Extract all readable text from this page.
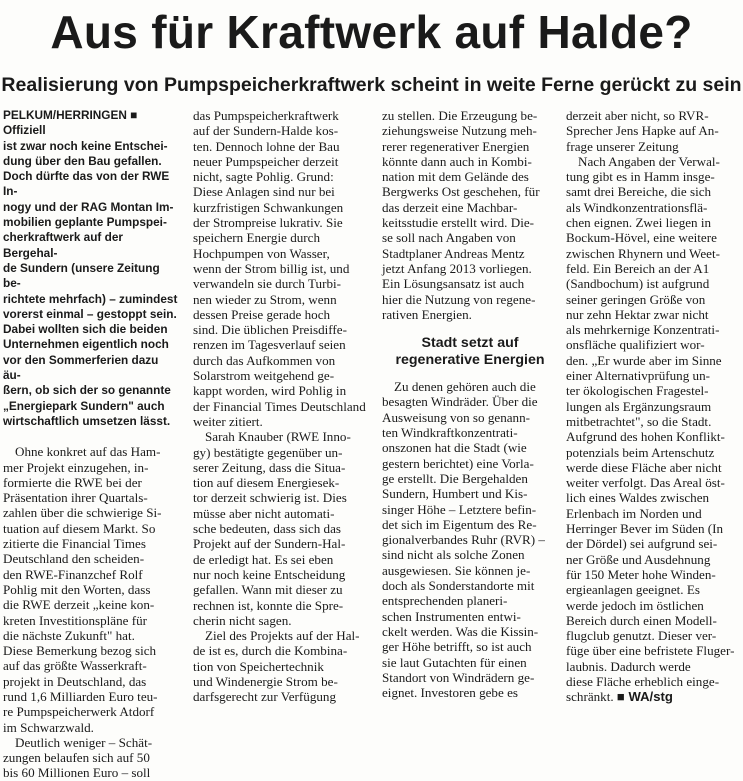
Aus für Kraftwerk auf Halde?
Realisierung von Pumpspeicherkraftwerk scheint in weite Ferne gerückt zu sein

PELKUM/HERRINGEN ■ Offiziell
ist zwar noch keine Entschei-
dung über den Bau gefallen.
Doch dürfte das von der RWE In-
nogy und der RAG Montan Im-
mobilien geplante Pumpspei-
cherkraftwerk auf der Bergehal-
de Sundern (unsere Zeitung be-
richtete mehrfach) – zumindest
vorerst einmal – gestoppt sein.
Dabei wollten sich die beiden
Unternehmen eigentlich noch
vor den Sommerferien dazu äu-
ßern, ob sich der so genannte
„Energiepark Sundern" auch
wirtschaftlich umsetzen lässt.

Ohne konkret auf das Ham-
mer Projekt einzugehen, in-
formierte die RWE bei der
Präsentation ihrer Quartals-
zahlen über die schwierige Si-
tuation auf diesem Markt. So
zitierte die Financial Times
Deutschland den scheiden-
den RWE-Finanzchef Rolf
Pohlig mit den Worten, dass
die RWE derzeit „keine kon-
kreten Investitionspläne für
die nächste Zukunft" hat.
Diese Bemerkung bezog sich
auf das größte Wasserkraft-
projekt in Deutschland, das
rund 1,6 Milliarden Euro teu-
re Pumpspeicherwerk Atdorf
im Schwarzwald.

Deutlich weniger – Schät-
zungen belaufen sich auf 50
bis 60 Millionen Euro – soll

das Pumpspeicherkraftwerk
auf der Sundern-Halde kos-
ten. Dennoch lohne der Bau
neuer Pumpspeicher derzeit
nicht, sagte Pohlig. Grund:
Diese Anlagen sind nur bei
kurzfristigen Schwankungen
der Strompreise lukrativ. Sie
speichern Energie durch
Hochpumpen von Wasser,
wenn der Strom billig ist, und
verwandeln sie durch Turbi-
nen wieder zu Strom, wenn
dessen Preise gerade hoch
sind. Die üblichen Preisdiffe-
renzen im Tagesverlauf seien
durch das Aufkommen von
Solarstrom weitgehend ge-
kappt worden, wird Pohlig in
der Financial Times Deutschland
weiter zitiert.

Sarah Knauber (RWE Inno-
gy) bestätigte gegenüber un-
serer Zeitung, dass die Situa-
tion auf diesem Energiesek-
tor derzeit schwierig ist. Dies
müsse aber nicht automati-
sche bedeuten, dass sich das
Projekt auf der Sundern-Hal-
de erledigt hat. Es sei eben
nur noch keine Entscheidung
gefallen. Wann mit dieser zu
rechnen ist, konnte die Spre-
cherin nicht sagen.

Ziel des Projekts auf der Hal-
de ist es, durch die Kombina-
tion von Speichertechnik
und Windenergie Strom be-
darfsgerecht zur Verfügung

zu stellen. Die Erzeugung be-
ziehungsweise Nutzung meh-
rerer regenerativer Energien
könnte dann auch in Kombi-
nation mit dem Gelände des
Bergwerks Ost geschehen, für
das derzeit eine Machbar-
keitsstudie erstellt wird. Die-
se soll nach Angaben von
Stadtplaner Andreas Mentz
jetzt Anfang 2013 vorliegen.
Ein Lösungsansatz ist auch
hier die Nutzung von regene-
rativen Energien.

Stadt setzt auf
regenerative Energien

Zu denen gehören auch die
besagten Windräder. Über die
Ausweisung von so genann-
ten Windkraftkonzentrati-
onszonen hat die Stadt (wie
gestern berichtet) eine Vorla-
ge erstellt. Die Bergehalden
Sundern, Humbert und Kis-
singer Höhe – Letztere befin-
det sich im Eigentum des Re-
gionalverbandes Ruhr (RVR) –
sind nicht als solche Zonen
ausgewiesen. Sie können je-
doch als Sonderstandorte mit
entsprechenden planeri-
schen Instrumenten entwi-
ckelt werden. Was die Kissin-
ger Höhe betrifft, so ist auch
sie laut Gutachten für einen
Standort von Windrädern ge-
eignet. Investoren gebe es

derzeit aber nicht, so RVR-
Sprecher Jens Hapke auf An-
frage unserer Zeitung

Nach Angaben der Verwal-
tung gibt es in Hamm insge-
samt drei Bereiche, die sich
als Windkonzentrationsflä-
chen eignen. Zwei liegen in
Bockum-Hövel, eine weitere
zwischen Rhynern und Weet-
feld. Ein Bereich an der A1
(Sandbochum) ist aufgrund
seiner geringen Größe von
nur zehn Hektar zwar nicht
als mehrkernige Konzentrati-
onsfläche qualifiziert wor-
den. „Er wurde aber im Sinne
einer Alternativprüfung un-
ter ökologischen Fragestel-
lungen als Ergänzungsraum
mitbetrachtet", so die Stadt.
Aufgrund des hohen Konflikt-
potenzials beim Artenschutz
werde diese Fläche aber nicht
weiter verfolgt. Das Areal öst-
lich eines Waldes zwischen
Erlenbach im Norden und
Herringer Bever im Süden (In
der Dördel) sei aufgrund sei-
ner Größe und Ausdehnung
für 150 Meter hohe Winden-
ergieanlagen geeignet. Es
werde jedoch im östlichen
Bereich durch einen Modell-
flugclub genutzt. Dieser ver-
füge über eine befristete Fluger-
laubnis. Dadurch werde
diese Fläche erheblich einge-
schränkt. ■ WA/stg
